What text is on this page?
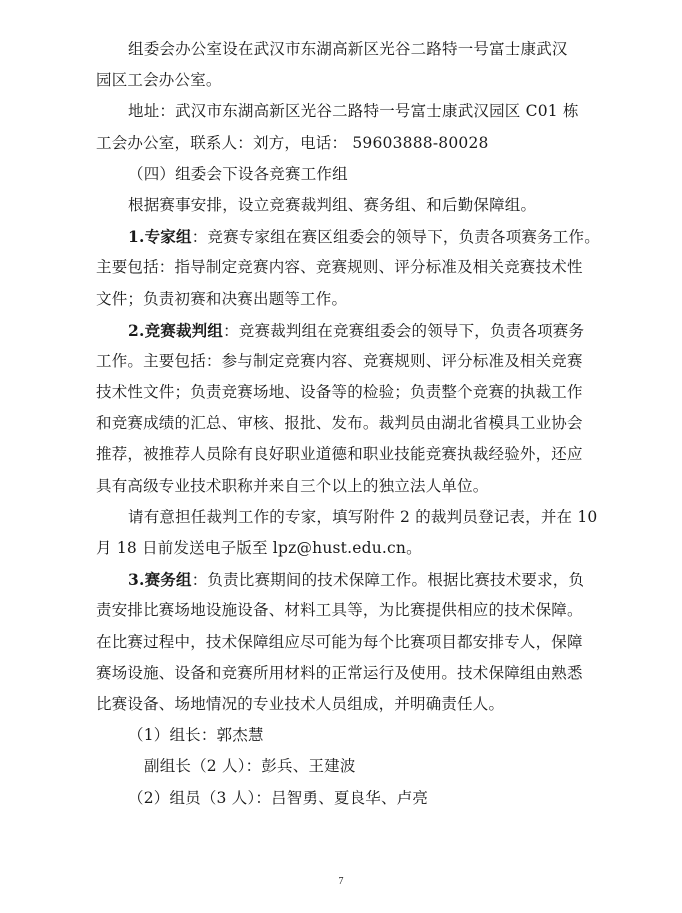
组委会办公室设在武汉市东湖高新区光谷二路特一号富士康武汉
园区工会办公室。
地址：武汉市东湖高新区光谷二路特一号富士康武汉园区 C01 栋
工会办公室，联系人：刘方，电话： 59603888-80028
（四）组委会下设各竞赛工作组
根据赛事安排，设立竞赛裁判组、赛务组、和后勤保障组。
1.专家组：竞赛专家组在赛区组委会的领导下，负责各项赛务工作。
主要包括：指导制定竞赛内容、竞赛规则、评分标准及相关竞赛技术性
文件；负责初赛和决赛出题等工作。
2.竞赛裁判组：竞赛裁判组在竞赛组委会的领导下，负责各项赛务
工作。主要包括：参与制定竞赛内容、竞赛规则、评分标准及相关竞赛
技术性文件；负责竞赛场地、设备等的检验；负责整个竞赛的执裁工作
和竞赛成绩的汇总、审核、报批、发布。裁判员由湖北省模具工业协会
推荐，被推荐人员除有良好职业道德和职业技能竞赛执裁经验外，还应
具有高级专业技术职称并来自三个以上的独立法人单位。
请有意担任裁判工作的专家，填写附件 2 的裁判员登记表，并在 10
月 18 日前发送电子版至 lpz@hust.edu.cn。
3.赛务组：负责比赛期间的技术保障工作。根据比赛技术要求，负
责安排比赛场地设施设备、材料工具等，为比赛提供相应的技术保障。
在比赛过程中，技术保障组应尽可能为每个比赛项目都安排专人，保障
赛场设施、设备和竞赛所用材料的正常运行及使用。技术保障组由熟悉
比赛设备、场地情况的专业技术人员组成，并明确责任人。
（1）组长：郭杰慧
副组长（2 人）：彭兵、王建波
（2）组员（3 人）：吕智勇、夏良华、卢亮
7
